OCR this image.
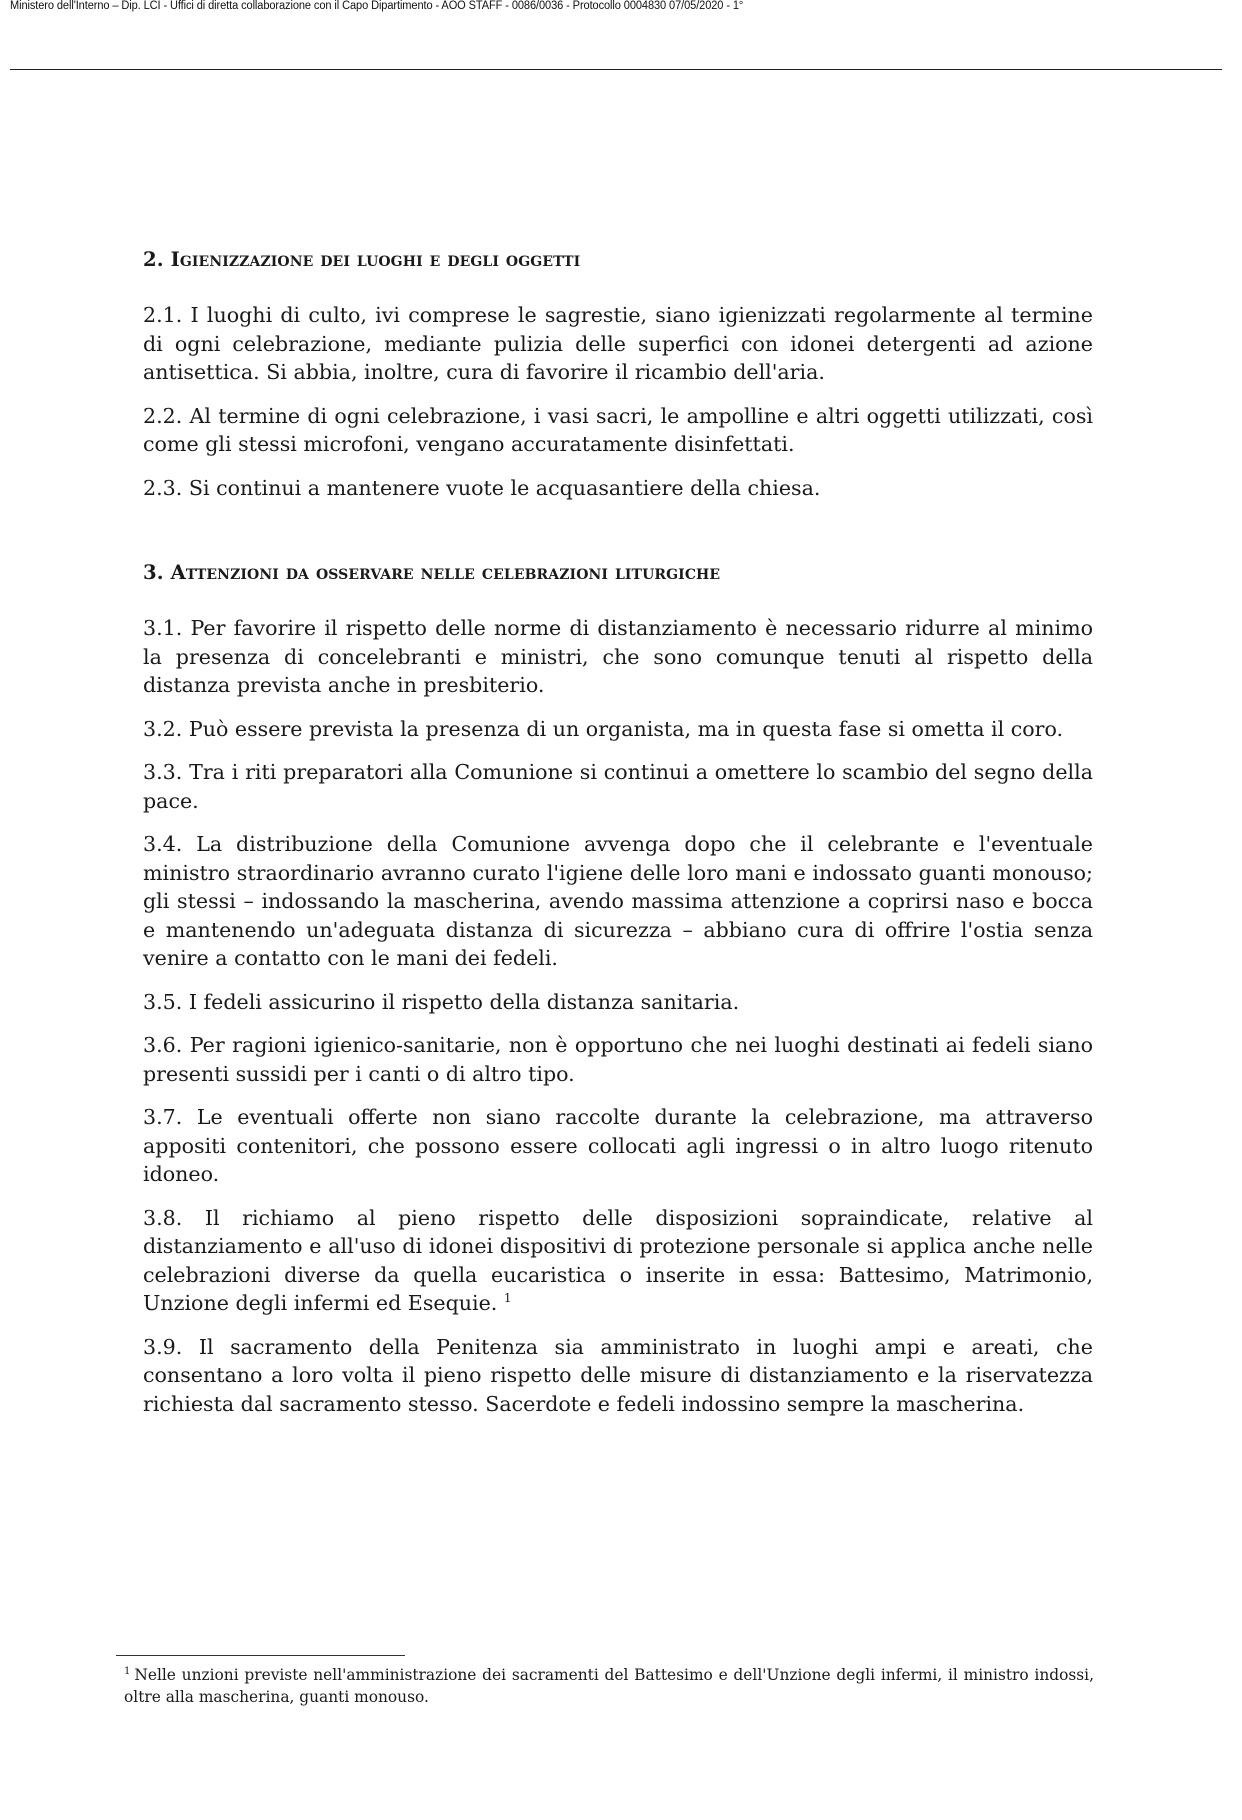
Ministero dell'Interno – Dip. LCI - Uffici di diretta collaborazione con il Capo Dipartimento - AOO STAFF - 0086/0036 - Protocollo 0004830 07/05/2020 - 1°
2. Igienizzazione dei luoghi e degli oggetti

2.1. I luoghi di culto, ivi comprese le sagrestie, siano igienizzati regolarmente al termine di ogni celebrazione, mediante pulizia delle superfici con idonei detergenti ad azione antisettica. Si abbia, inoltre, cura di favorire il ricambio dell'aria.

2.2. Al termine di ogni celebrazione, i vasi sacri, le ampolline e altri oggetti utilizzati, così come gli stessi microfoni, vengano accuratamente disinfettati.

2.3. Si continui a mantenere vuote le acquasantiere della chiesa.

3. Attenzioni da osservare nelle celebrazioni liturgiche

3.1. Per favorire il rispetto delle norme di distanziamento è necessario ridurre al minimo la presenza di concelebranti e ministri, che sono comunque tenuti al rispetto della distanza prevista anche in presbiterio.

3.2. Può essere prevista la presenza di un organista, ma in questa fase si ometta il coro.

3.3. Tra i riti preparatori alla Comunione si continui a omettere lo scambio del segno della pace.

3.4. La distribuzione della Comunione avvenga dopo che il celebrante e l'eventuale ministro straordinario avranno curato l'igiene delle loro mani e indossato guanti monouso; gli stessi – indossando la mascherina, avendo massima attenzione a coprirsi naso e bocca e mantenendo un'adeguata distanza di sicurezza – abbiano cura di offrire l'ostia senza venire a contatto con le mani dei fedeli.

3.5. I fedeli assicurino il rispetto della distanza sanitaria.

3.6. Per ragioni igienico-sanitarie, non è opportuno che nei luoghi destinati ai fedeli siano presenti sussidi per i canti o di altro tipo.

3.7. Le eventuali offerte non siano raccolte durante la celebrazione, ma attraverso appositi contenitori, che possono essere collocati agli ingressi o in altro luogo ritenuto idoneo.

3.8. Il richiamo al pieno rispetto delle disposizioni sopraindicate, relative al distanziamento e all'uso di idonei dispositivi di protezione personale si applica anche nelle celebrazioni diverse da quella eucaristica o inserite in essa: Battesimo, Matrimonio, Unzione degli infermi ed Esequie. $^1$

3.9. Il sacramento della Penitenza sia amministrato in luoghi ampi e areati, che consentano a loro volta il pieno rispetto delle misure di distanziamento e la riservatezza richiesta dal sacramento stesso. Sacerdote e fedeli indossino sempre la mascherina.

$^1$ Nelle unzioni previste nell'amministrazione dei sacramenti del Battesimo e dell'Unzione degli infermi, il ministro indossi, oltre alla mascherina, guanti monouso.
